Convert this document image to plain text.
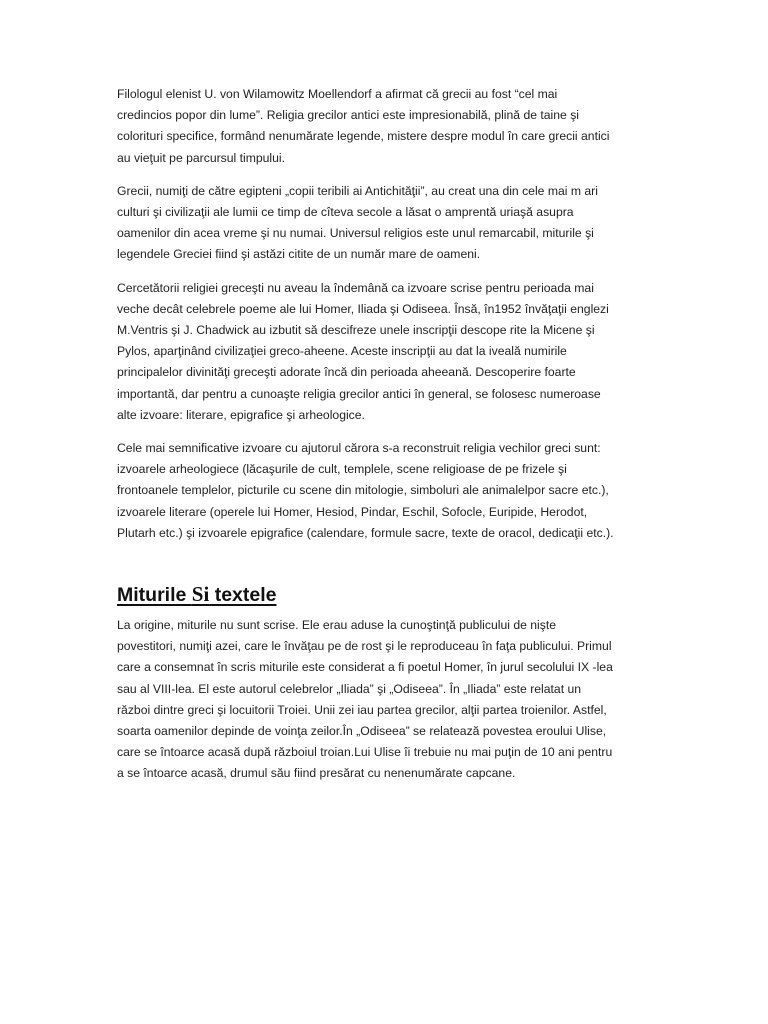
Filologul elenist U. von Wilamowitz Moellendorf a afirmat că grecii au fost “cel mai
credincios popor din lume”. Religia grecilor antici este impresionabilă, plină de taine şi
colorituri specifice, formând nenumărate legende, mistere despre modul în care grecii antici
au vieţuit pe parcursul timpului.

Grecii, numiţi de către egipteni „copii teribili ai Antichităţii”, au creat una din cele mai m ari
culturi şi civilizaţii ale lumii ce timp de cîteva secole a lăsat o amprentă uriaşă asupra
oamenilor din acea vreme şi nu numai. Universul religios este unul remarcabil, miturile şi
legendele Greciei fiind şi astăzi citite de un număr mare de oameni.

Cercetătorii religiei greceşti nu aveau la îndemână ca izvoare scrise pentru perioada mai
veche decât celebrele poeme ale lui Homer, Iliada şi Odiseea. Însă, în1952 învăţaţii englezi
M.Ventris şi J. Chadwick au izbutit să descifreze unele inscripţii descope rite la Micene şi
Pylos, aparţinând civilizaţiei greco-aheene. Aceste inscripţii au dat la iveală numirile
principalelor divinităţi greceşti adorate încă din perioada aheeană. Descoperire foarte
importantă, dar pentru a cunoaşte religia grecilor antici în general, se folosesc numeroase
alte izvoare: literare, epigrafice şi arheologice.

Cele mai semnificative izvoare cu ajutorul cărora s-a reconstruit religia vechilor greci sunt:
izvoarele arheologiece (lăcaşurile de cult, templele, scene religioase de pe frizele şi
frontoanele templelor, picturile cu scene din mitologie, simboluri ale animalelpor sacre etc.),
izvoarele literare (operele lui Homer, Hesiod, Pindar, Eschil, Sofocle, Euripide, Herodot,
Plutarh etc.) şi izvoarele epigrafice (calendare, formule sacre, texte de oracol, dedicaţii etc.).

Miturile Si textele

La origine, miturile nu sunt scrise. Ele erau aduse la cunoştinţă publicului de nişte
povestitori, numiţi azei, care le învăţau pe de rost şi le reproduceau în faţa publicului. Primul
care a consemnat în scris miturile este considerat a fi poetul Homer, în jurul secolului IX -lea
sau al VIII-lea. El este autorul celebrelor „Iliada” şi „Odiseea”. În „Iliada” este relatat un
război dintre greci şi locuitorii Troiei. Unii zei iau partea grecilor, alţii partea troienilor. Astfel,
soarta oamenilor depinde de voinţa zeilor.În „Odiseea” se relatează povestea eroului Ulise,
care se întoarce acasă după războiul troian.Lui Ulise îi trebuie nu mai puţin de 10 ani pentru
a se întoarce acasă, drumul său fiind presărat cu nenenumărate capcane.
